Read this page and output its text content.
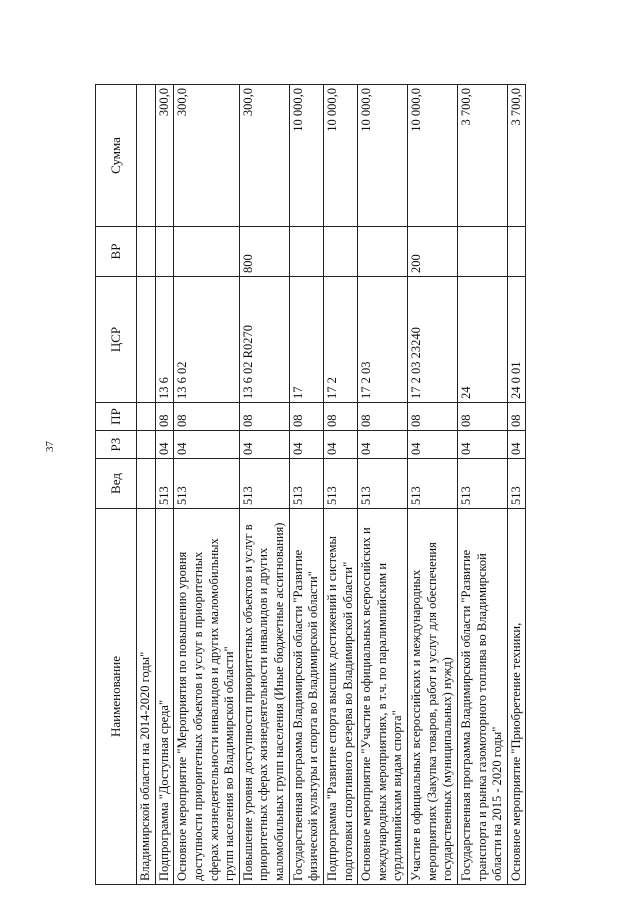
37
Наименование	Вед	РЗ	ПР	ЦСР	ВР	Сумма
Владимирской области на 2014-2020 годы"						
Подпрограмма "Доступная среда"	513	04	08	13 6		300,0
Основное мероприятие "Мероприятия по повышению уровня доступности приоритетных объектов и услуг в приоритетных сферах жизнедеятельности инвалидов и других маломобильных групп населения во Владимирской области"	513	04	08	13 6 02		300,0
Повышение уровня доступности приоритетных объектов и услуг в приоритетных сферах жизнедеятельности инвалидов и других маломобильных групп населения (Иные бюджетные ассигнования)	513	04	08	13 6 02 R0270	800	300,0
Государственная программа Владимирской области "Развитие физической культуры и спорта во Владимирской области"	513	04	08	17		10 000,0
Подпрограмма "Развитие спорта высших достижений и системы подготовки спортивного резерва во Владимирской области"	513	04	08	17 2		10 000,0
Основное мероприятие "Участие в официальных всероссийских и международных мероприятиях, в т.ч. по паралимпийским и сурдлимпийским видам спорта"	513	04	08	17 2 03		10 000,0
Участие в официальных всероссийских и международных мероприятиях (Закупка товаров, работ и услуг для обеспечения государственных (муниципальных) нужд)	513	04	08	17 2 03 23240	200	10 000,0
Государственная программа Владимирской области "Развитие транспорта и рынка газомоторного топлива во Владимирской области на 2015 - 2020 годы"	513	04	08	24		3 700,0
Основное мероприятие "Приобретение техники,	513	04	08	24 0 01		3 700,0
